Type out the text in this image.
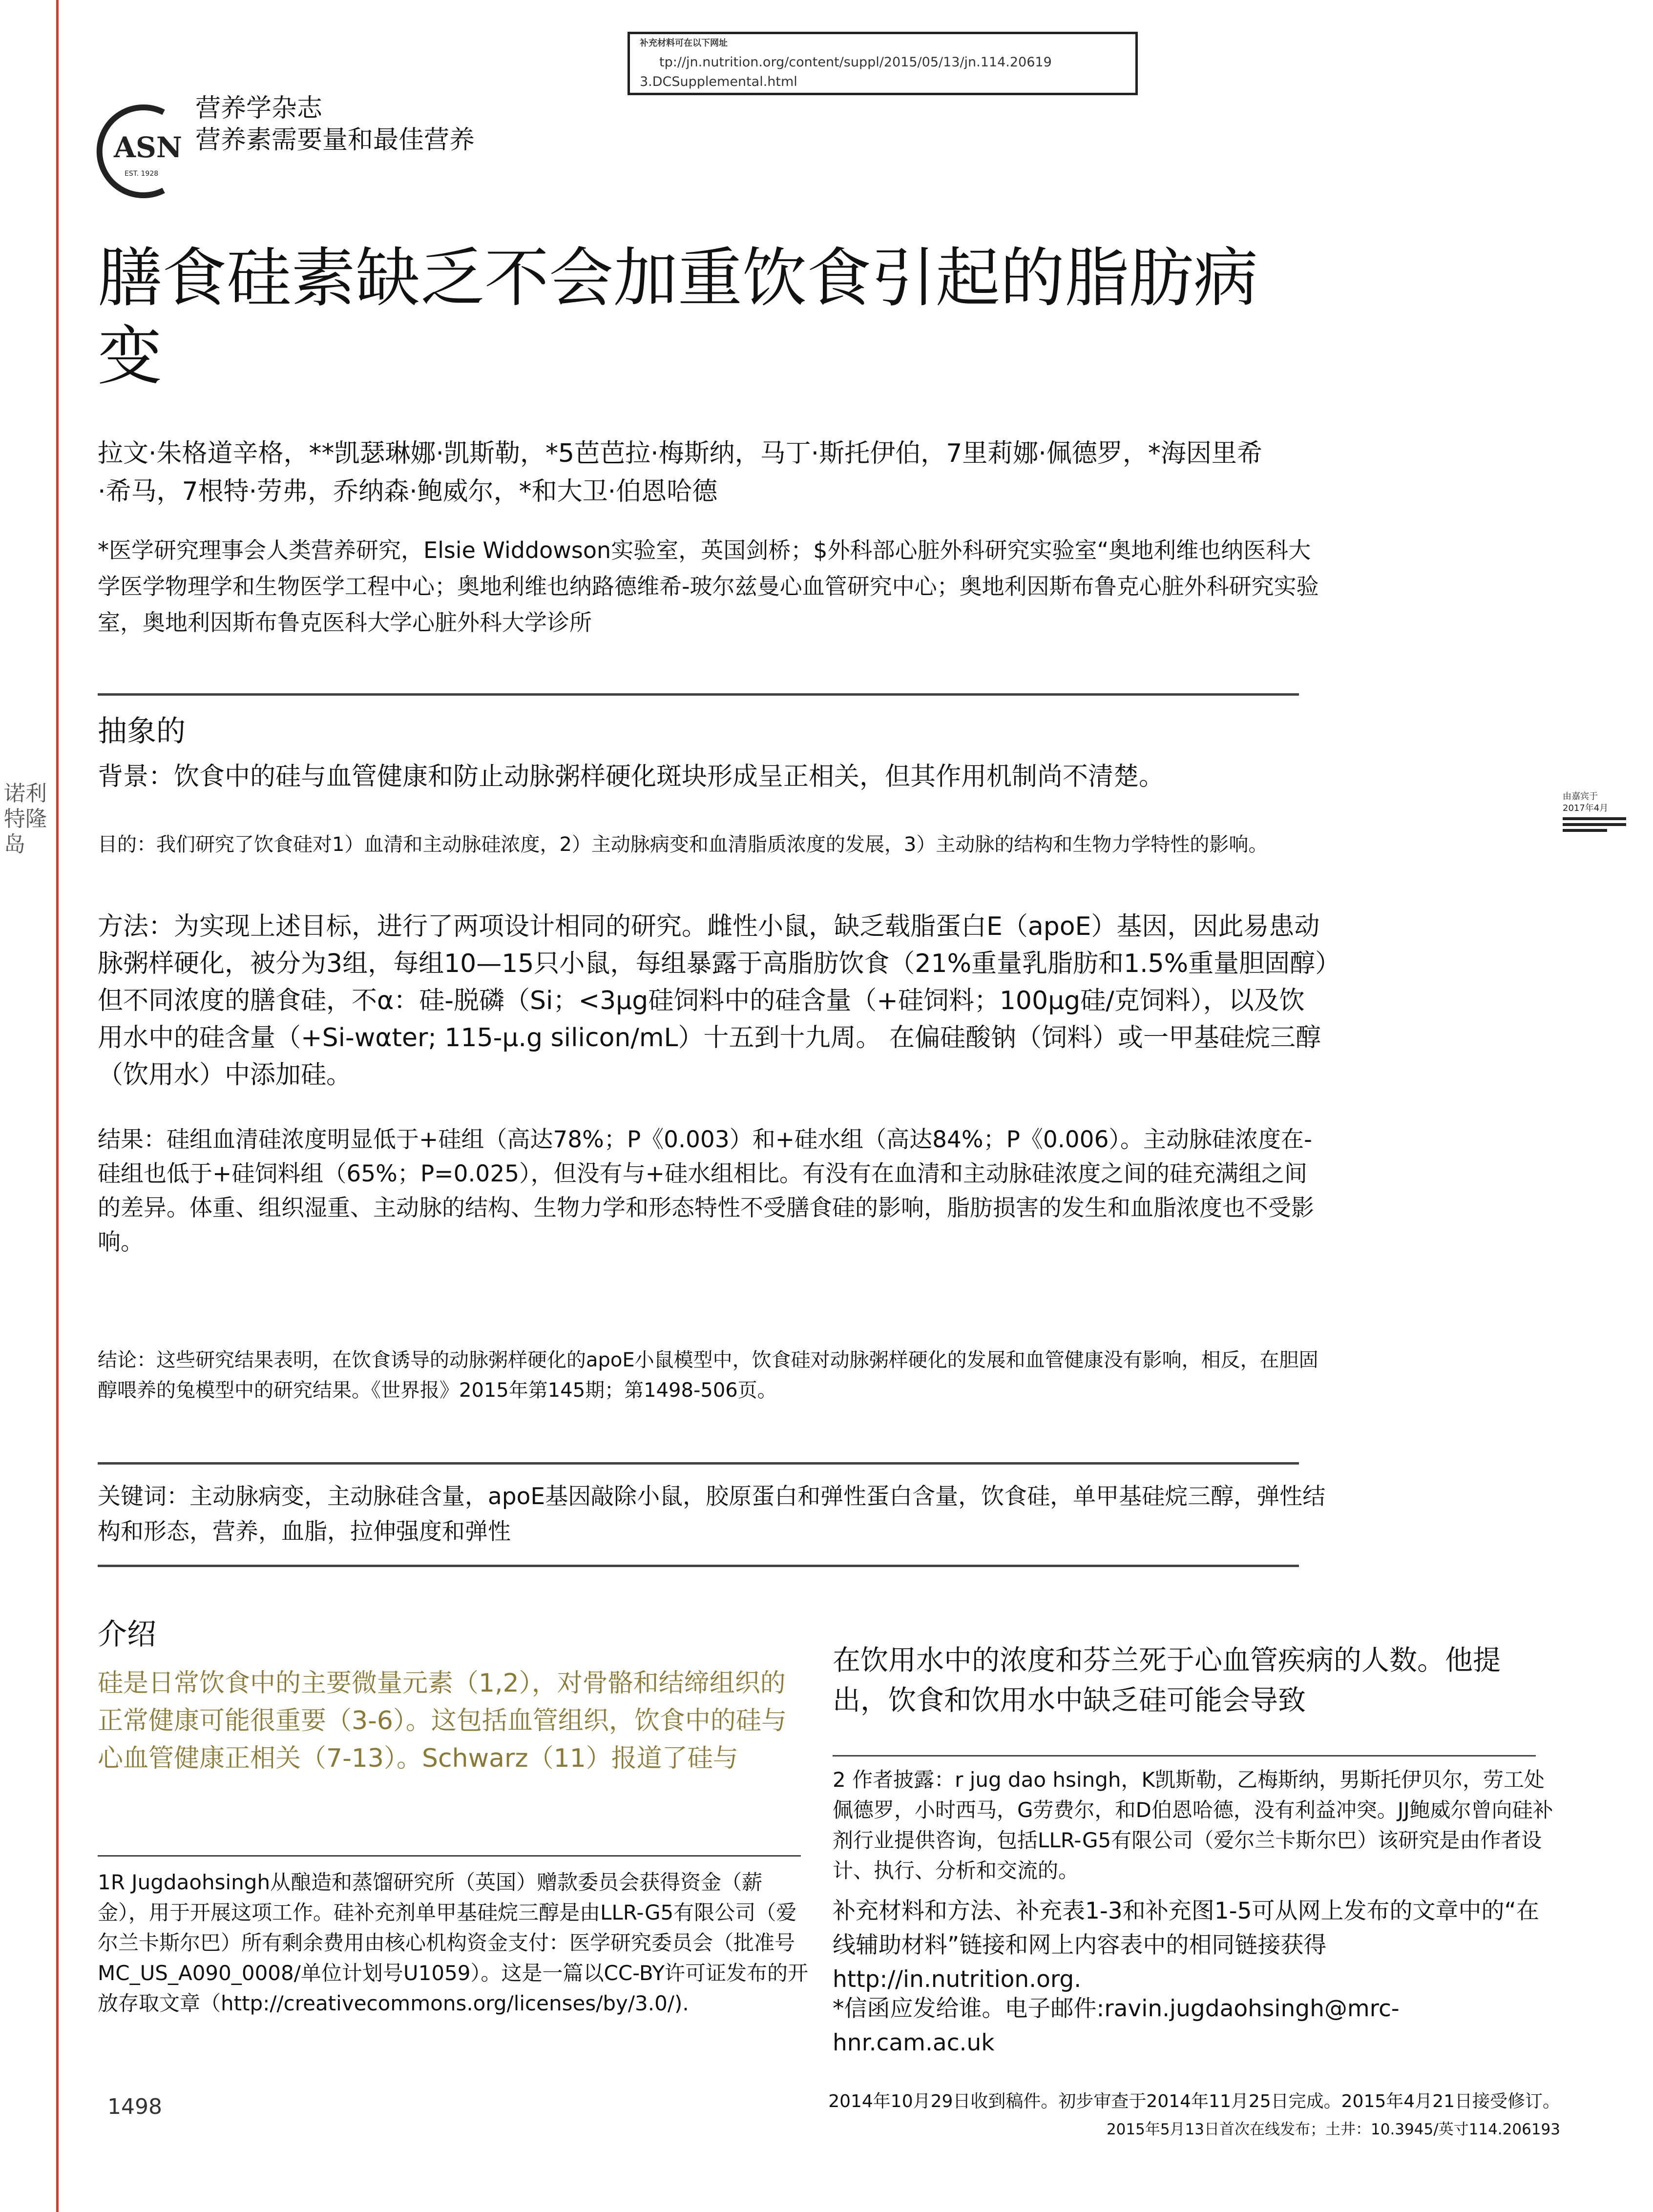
诺利特隆岛
补充材料可在以下网址
tp://jn.nutrition.org/content/suppl/2015/05/13/jn.114.20619
3.DCSupplemental.html
ASN
EST. 1928
营养学杂志
营养素需要量和最佳营养
膳食硅素缺乏不会加重饮食引起的脂肪病变
拉文·朱格道辛格，**凯瑟琳娜·凯斯勒，*5芭芭拉·梅斯纳，马丁·斯托伊伯，7里莉娜·佩德罗，*海因里希·希马，7根特·劳弗，乔纳森·鲍威尔，*和大卫·伯恩哈德
*医学研究理事会人类营养研究，Elsie Widdowson实验室，英国剑桥；$外科部心脏外科研究实验室“奥地利维也纳医科大学医学物理学和生物医学工程中心；奥地利维也纳路德维希-玻尔兹曼心血管研究中心；奥地利因斯布鲁克心脏外科研究实验室，奥地利因斯布鲁克医科大学心脏外科大学诊所
抽象的
背景：饮食中的硅与血管健康和防止动脉粥样硬化斑块形成呈正相关，但其作用机制尚不清楚。
目的：我们研究了饮食硅对1）血清和主动脉硅浓度，2）主动脉病变和血清脂质浓度的发展，3）主动脉的结构和生物力学特性的影响。
方法：为实现上述目标，进行了两项设计相同的研究。雌性小鼠，缺乏载脂蛋白E（apoE）基因，因此易患动脉粥样硬化，被分为3组，每组10—15只小鼠，每组暴露于高脂肪饮食（21%重量乳脂肪和1.5%重量胆固醇）但不同浓度的膳食硅，不α：硅-脱磷（Si；<3μg硅饲料中的硅含量（+硅饲料；100μg硅/克饲料），以及饮用水中的硅含量（+Si-wαter; 115-μ.g silicon/mL）十五到十九周。 在偏硅酸钠（饲料）或一甲基硅烷三醇（饮用水）中添加硅。
结果：硅组血清硅浓度明显低于+硅组（高达78%；P《0.003）和+硅水组（高达84%；P《0.006）。主动脉硅浓度在-硅组也低于+硅饲料组（65%；P=0.025），但没有与+硅水组相比。有没有在血清和主动脉硅浓度之间的硅充满组之间的差异。体重、组织湿重、主动脉的结构、生物力学和形态特性不受膳食硅的影响，脂肪损害的发生和血脂浓度也不受影响。
结论：这些研究结果表明，在饮食诱导的动脉粥样硬化的apoE小鼠模型中，饮食硅对动脉粥样硬化的发展和血管健康没有影响，相反，在胆固醇喂养的兔模型中的研究结果。《世界报》2015年第145期；第1498-506页。
关键词：主动脉病变，主动脉硅含量，apoE基因敲除小鼠，胶原蛋白和弹性蛋白含量，饮食硅，单甲基硅烷三醇，弹性结构和形态，营养，血脂，拉伸强度和弹性
介绍
硅是日常饮食中的主要微量元素（1,2），对骨骼和结缔组织的正常健康可能很重要（3-6）。这包括血管组织，饮食中的硅与心血管健康正相关（7-13）。Schwarz（11）报道了硅与
1R Jugdaohsingh从酿造和蒸馏研究所（英国）赠款委员会获得资金（薪金），用于开展这项工作。硅补充剂单甲基硅烷三醇是由LLR-G5有限公司（爱尔兰卡斯尔巴）所有剩余费用由核心机构资金支付：医学研究委员会（批准号MC_US_A090_0008/单位计划号U1059）。这是一篇以CC-BY许可证发布的开放存取文章（http://creativecommons.org/licenses/by/3.0/).
在饮用水中的浓度和芬兰死于心血管疾病的人数。他提出，饮食和饮用水中缺乏硅可能会导致
2 作者披露：r jug dao hsingh，K凯斯勒，乙梅斯纳，男斯托伊贝尔，劳工处佩德罗，小时西马，G劳费尔，和D伯恩哈德，没有利益冲突。JJ鲍威尔曾向硅补剂行业提供咨询，包括LLR-G5有限公司（爱尔兰卡斯尔巴）该研究是由作者设计、执行、分析和交流的。
补充材料和方法、补充表1-3和补充图1-5可从网上发布的文章中的“在线辅助材料”链接和网上内容表中的相同链接获得http://in.nutrition.org.
*信函应发给谁。电子邮件:ravin.jugdaohsingh@mrc-hnr.cam.ac.uk
1498	2014年10月29日收到稿件。初步审查于2014年11月25日完成。2015年4月21日接受修订。
2015年5月13日首次在线发布；土井：10.3945/英寸114.206193
由嘉宾于
2017年4月
